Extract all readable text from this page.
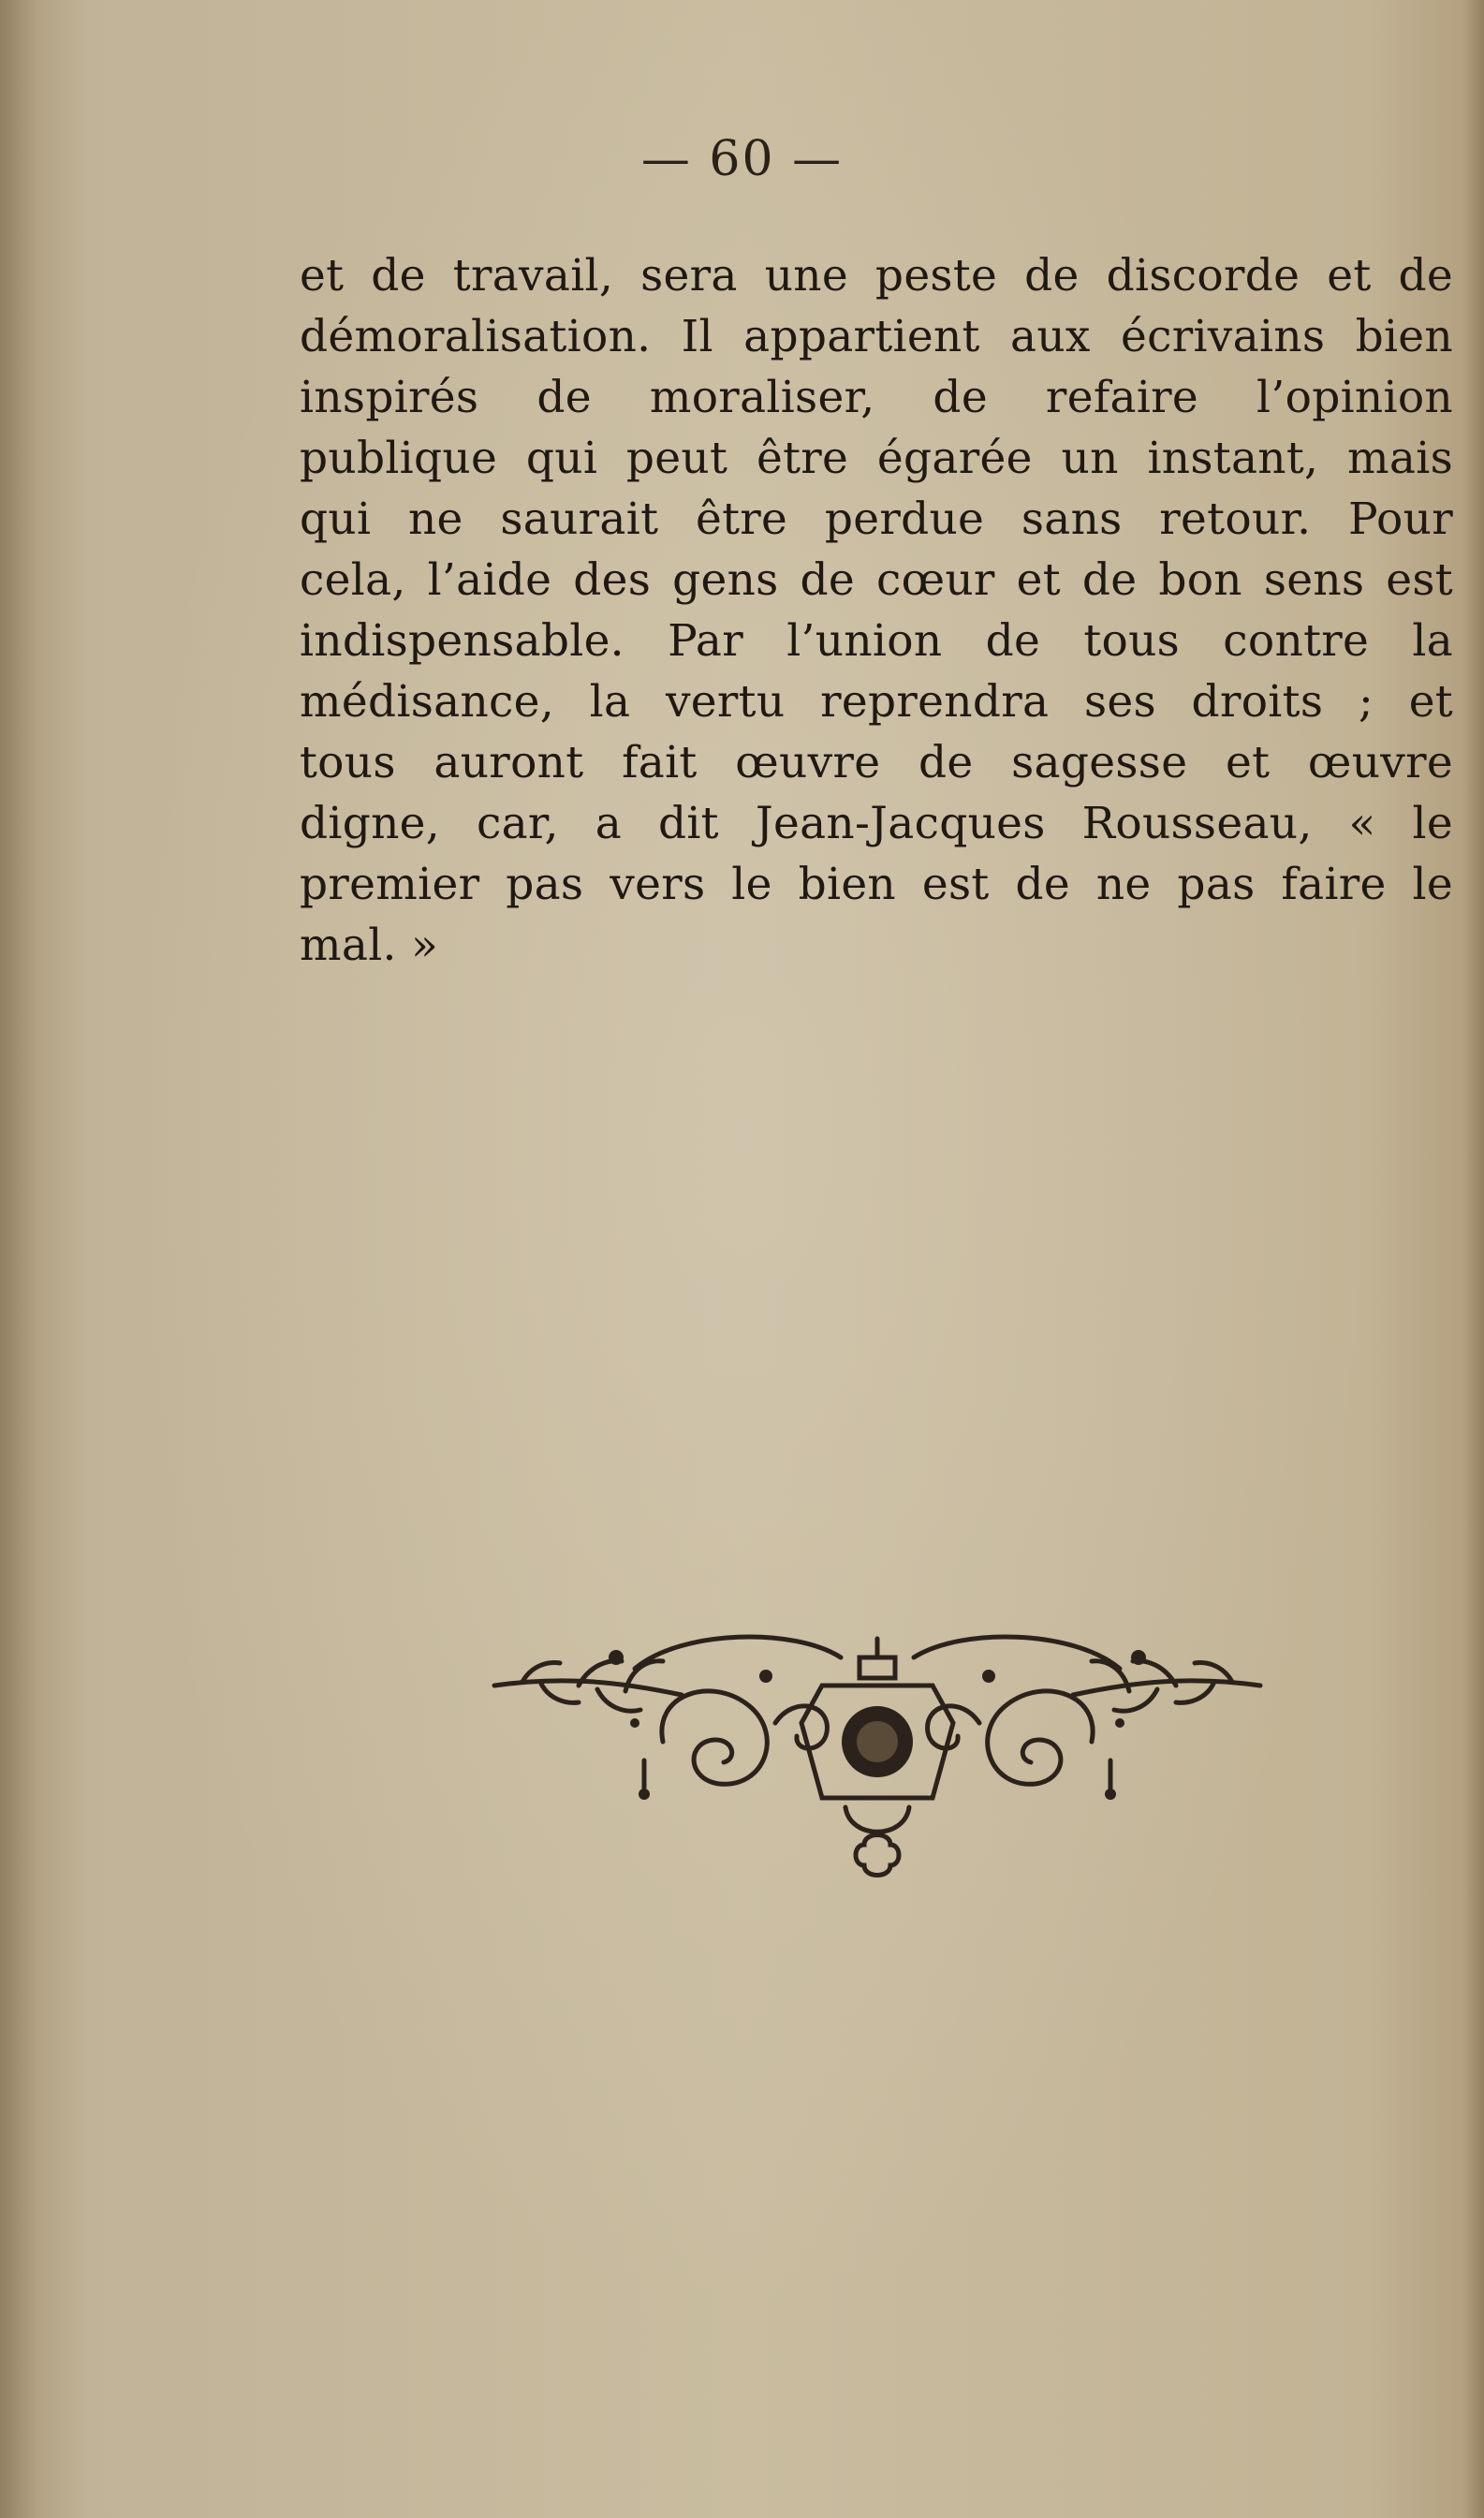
— 60 —
et de travail, sera une peste de discorde et de
démoralisation. Il appartient aux écrivains bien
inspirés de moraliser, de refaire l’opinion
publique qui peut être égarée un instant, mais
qui ne saurait être perdue sans retour. Pour
cela, l’aide des gens de cœur et de bon sens est
indispensable. Par l’union de tous contre la
médisance, la vertu reprendra ses droits ; et
tous auront fait œuvre de sagesse et œuvre
digne, car, a dit Jean-Jacques Rousseau, « le
premier pas vers le bien est de ne pas faire le
mal. »
